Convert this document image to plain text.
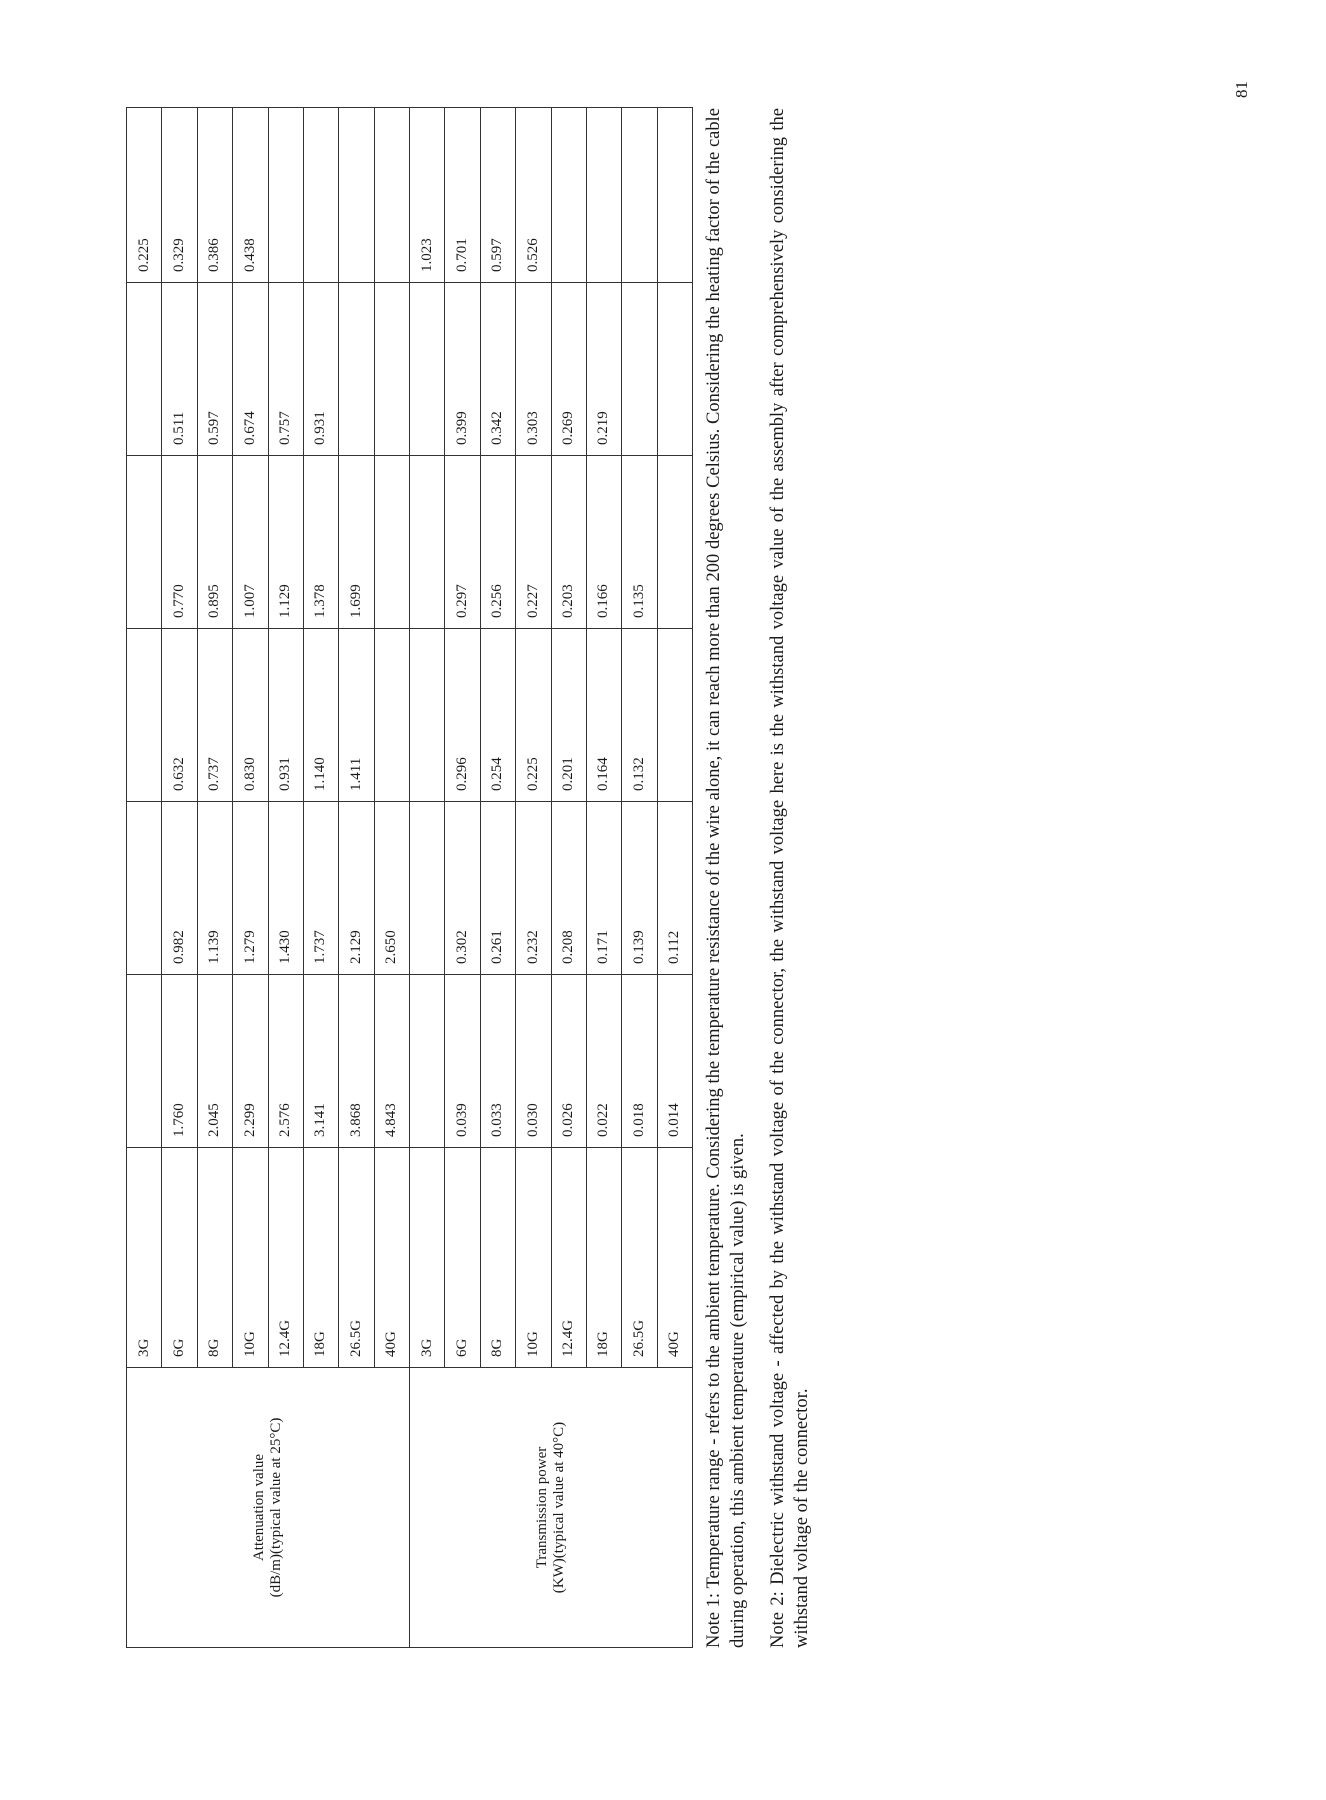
Attenuation value (dB/m)(typical value at 25°C)	3G						0.225
	6G	1.760	0.982	0.632	0.770	0.511	0.329
	8G	2.045	1.139	0.737	0.895	0.597	0.386
	10G	2.299	1.279	0.830	1.007	0.674	0.438
	12.4G	2.576	1.430	0.931	1.129	0.757	
	18G	3.141	1.737	1.140	1.378	0.931	
	26.5G	3.868	2.129	1.411	1.699		
	40G	4.843	2.650				

Transmission power (KW)(typical value at 40°C)	3G						1.023
	6G	0.039	0.302	0.296	0.297	0.399	0.701
	8G	0.033	0.261	0.254	0.256	0.342	0.597
	10G	0.030	0.232	0.225	0.227	0.303	0.526
	12.4G	0.026	0.208	0.201	0.203	0.269	
	18G	0.022	0.171	0.164	0.166	0.219	
	26.5G	0.018	0.139	0.132	0.135		
	40G	0.014	0.112				Note 1: Temperature range - refers to the ambient temperature. Considering the temperature resistance of the wire alone, it can reach more than 200 degrees Celsius. Considering the heating factor of the cable during operation, this ambient temperature (empirical value) is given. Note 2: Dielectric withstand voltage - affected by the withstand voltage of the connector, the withstand voltage here is the withstand voltage value of the assembly after comprehensively considering the withstand voltage of the connector.

81
